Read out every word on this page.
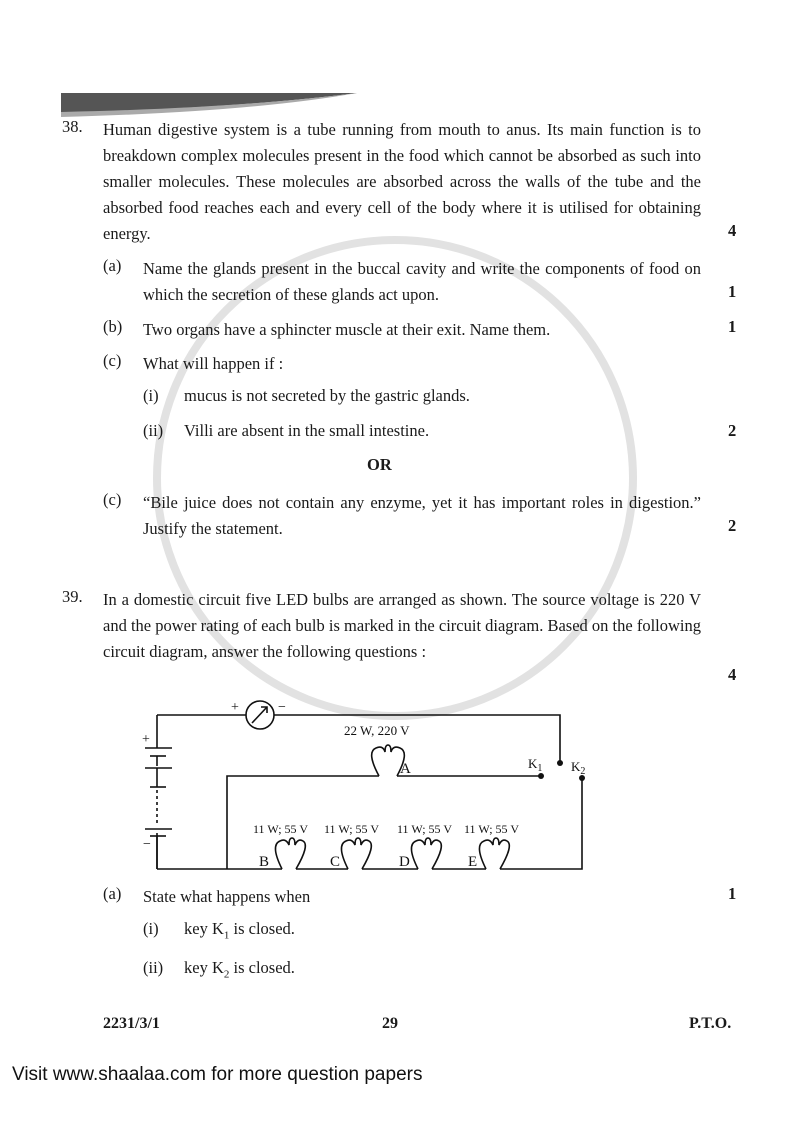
38. Human digestive system is a tube running from mouth to anus. Its main function is to breakdown complex molecules present in the food which cannot be absorbed as such into smaller molecules. These molecules are absorbed across the walls of the tube and the absorbed food reaches each and every cell of the body where it is utilised for obtaining energy.	4
(a) Name the glands present in the buccal cavity and write the components of food on which the secretion of these glands act upon.	1
(b) Two organs have a sphincter muscle at their exit. Name them.	1
(c) What will happen if :
(i) mucus is not secreted by the gastric glands.
(ii) Villi are absent in the small intestine.	2
OR
(c) “Bile juice does not contain any enzyme, yet it has important roles in digestion.” Justify the statement.	2
39. In a domestic circuit five LED bulbs are arranged as shown. The source voltage is 220 V and the power rating of each bulb is marked in the circuit diagram. Based on the following circuit diagram, answer the following questions :
4
+	−
+
−
22 W, 220 V
A	$K_1$ $K_2$
11 W; 55 V 11 W; 55 V 11 W; 55 V 11 W; 55 V
B	C	D	E
(a) State what happens when	1
(i) key $K_1$ is closed.
(ii) key $K_2$ is closed.
2231/3/1	29	P.T.O.
Visit www.shaalaa.com for more question papers
